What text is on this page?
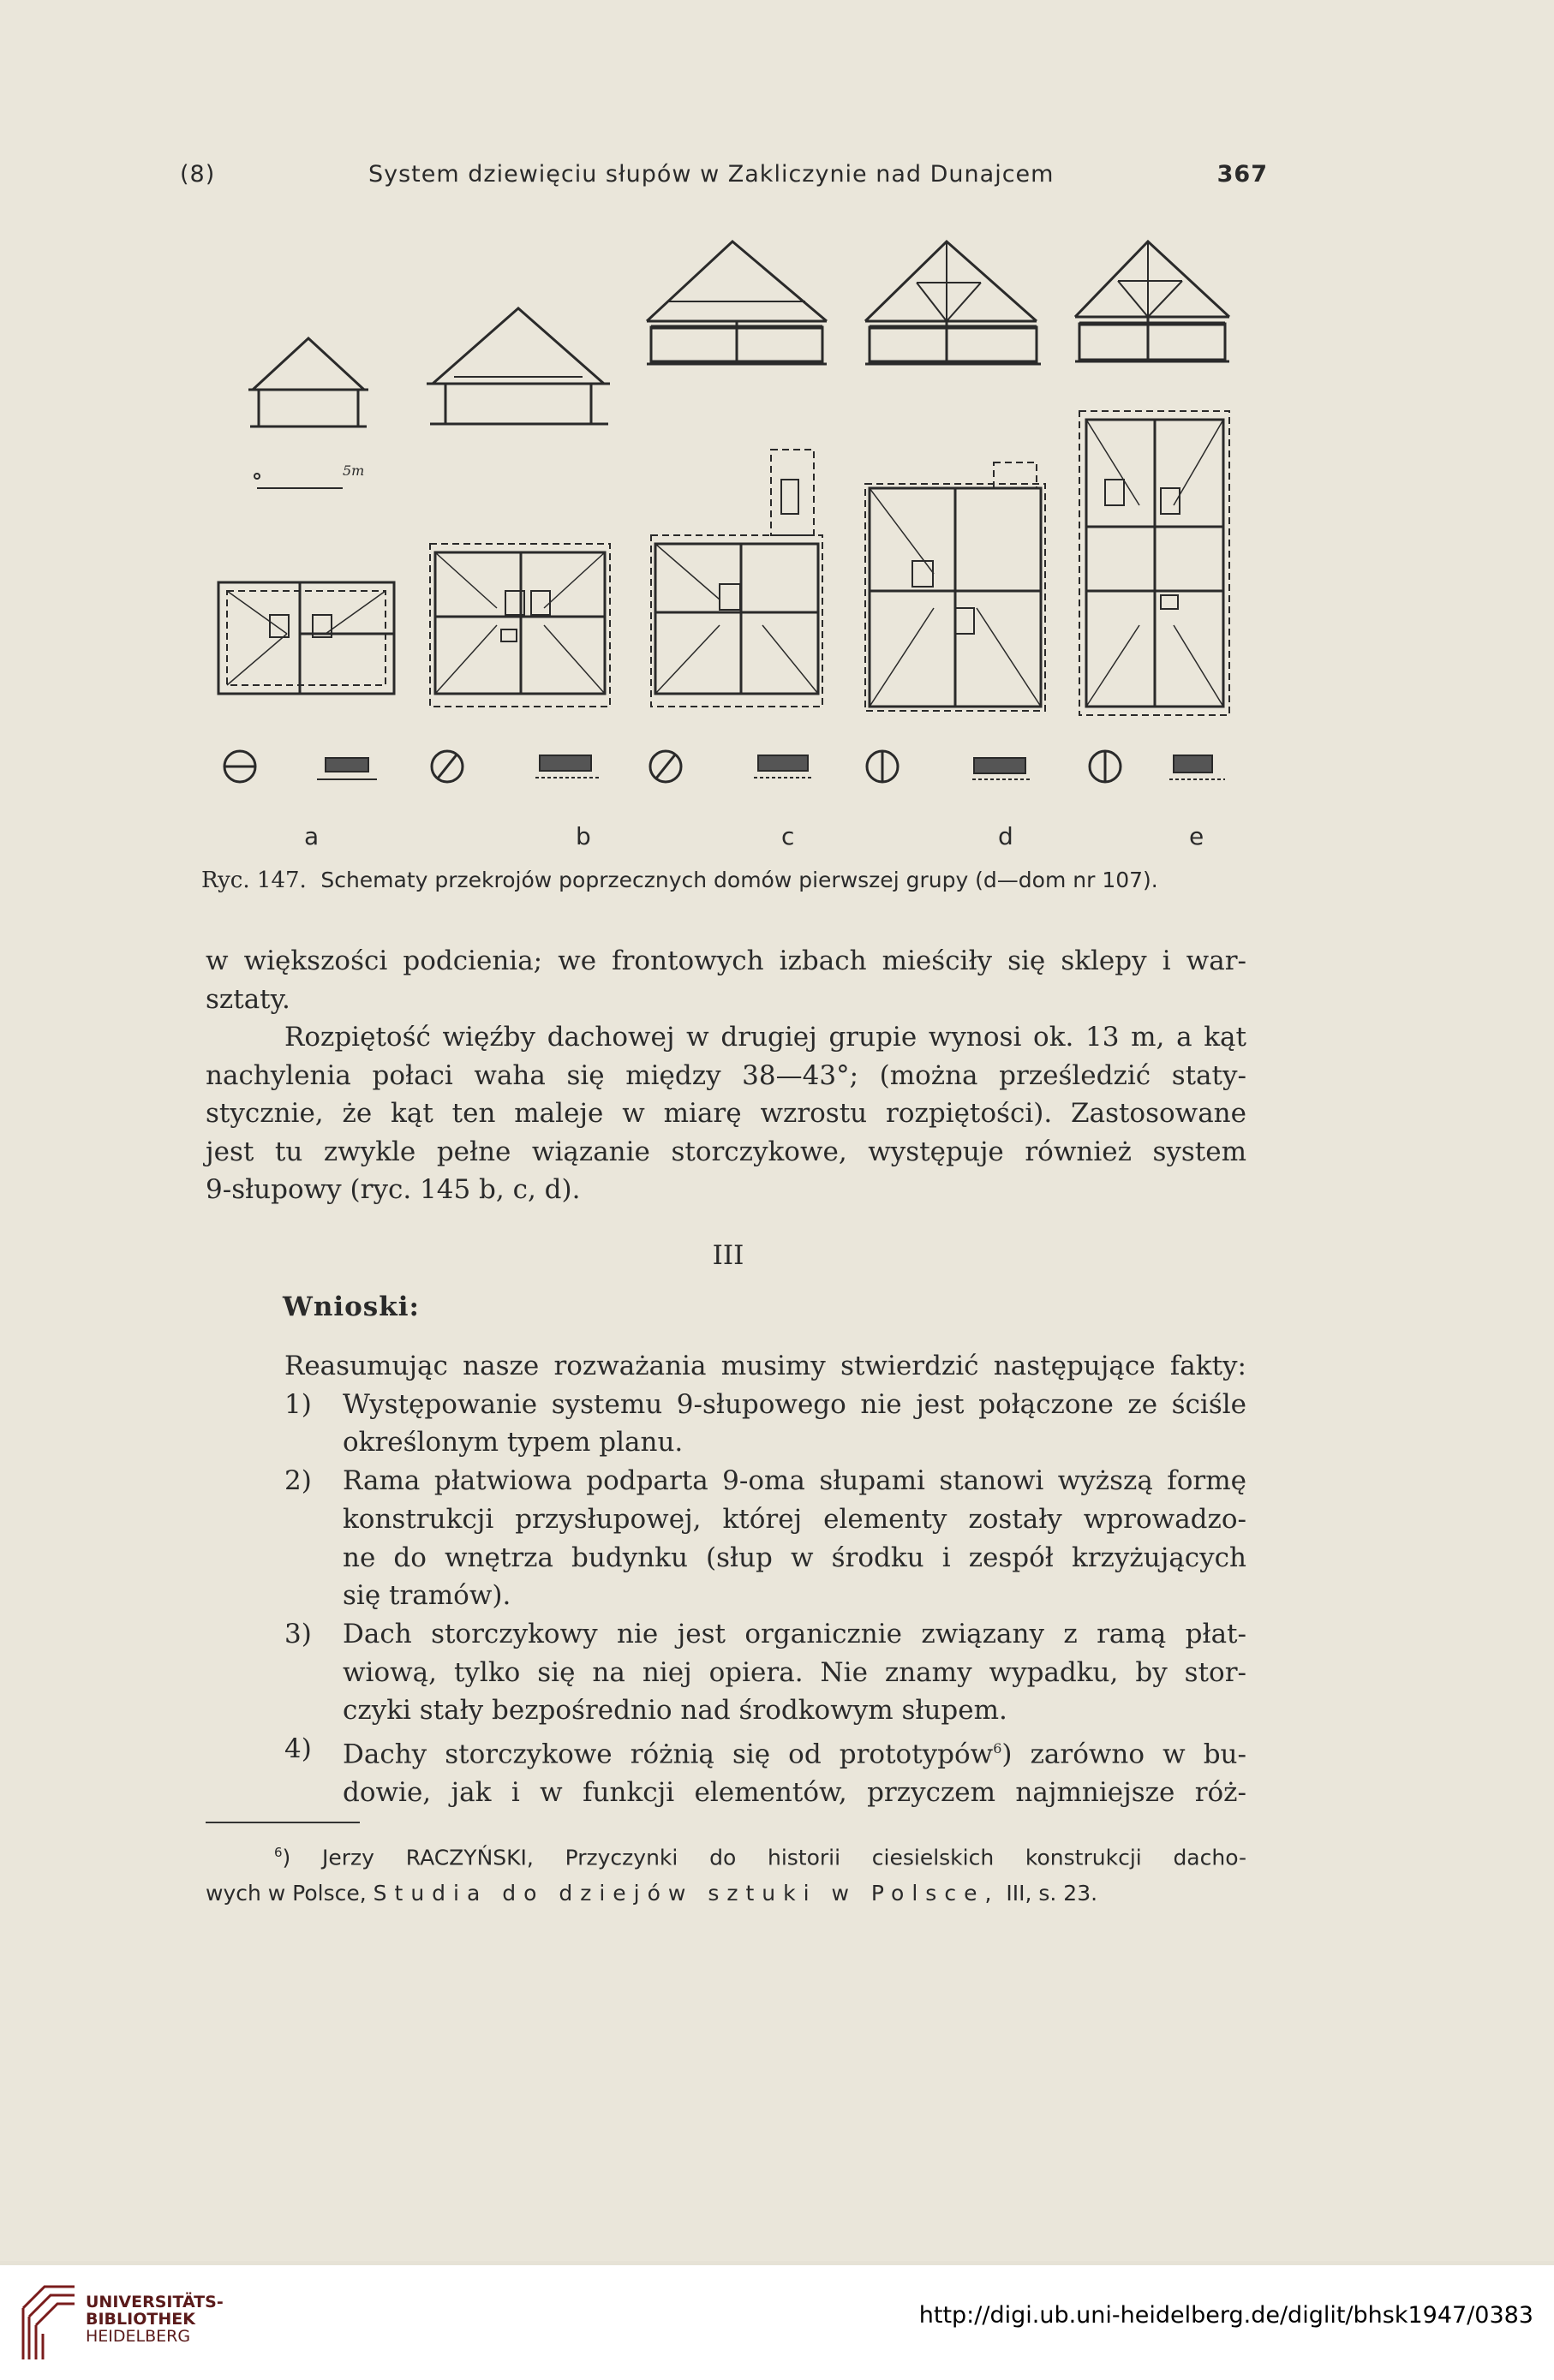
(8)	System dziewięciu słupów w Zakliczynie nad Dunajcem	367
5m
a	b	c	d	e
Ryc. 147. Schematy przekrojów poprzecznych domów pierwszej grupy (d—dom nr 107).
w większości podcienia; we frontowych izbach mieściły się sklepy i war-
sztaty.
Rozpiętość więźby dachowej w drugiej grupie wynosi ok. 13 m, a kąt
nachylenia połaci waha się między 38—43°; (można prześledzić staty-
stycznie, że kąt ten maleje w miarę wzrostu rozpiętości). Zastosowane
jest tu zwykle pełne wiązanie storczykowe, występuje również system
9-słupowy (ryc. 145 b, c, d).
III
Wnioski:
Reasumując nasze rozważania musimy stwierdzić następujące fakty:
1)	Występowanie systemu 9-słupowego nie jest połączone ze ściśle
określonym typem planu.
2)	Rama płatwiowa podparta 9-oma słupami stanowi wyższą formę
konstrukcji przysłupowej, której elementy zostały wprowadzo-
ne do wnętrza budynku (słup w środku i zespół krzyżujących
się tramów).
3)	Dach storczykowy nie jest organicznie związany z ramą płat-
wiową, tylko się na niej opiera. Nie znamy wypadku, by stor-
czyki stały bezpośrednio nad środkowym słupem.
4)	Dachy storczykowe różnią się od prototypów$^6$) zarówno w bu-
dowie, jak i w funkcji elementów, przyczem najmniejsze róż-
$^6$) Jerzy RACZYŃSKI, Przyczynki do historii ciesielskich konstrukcji dacho-
wych w Polsce, Studia do dziejów sztuki w Polsce, III, s. 23.
UNIVERSITÄTS-
BIBLIOTHEK
HEIDELBERG
http://digi.ub.uni-heidelberg.de/diglit/bhsk1947/0383
